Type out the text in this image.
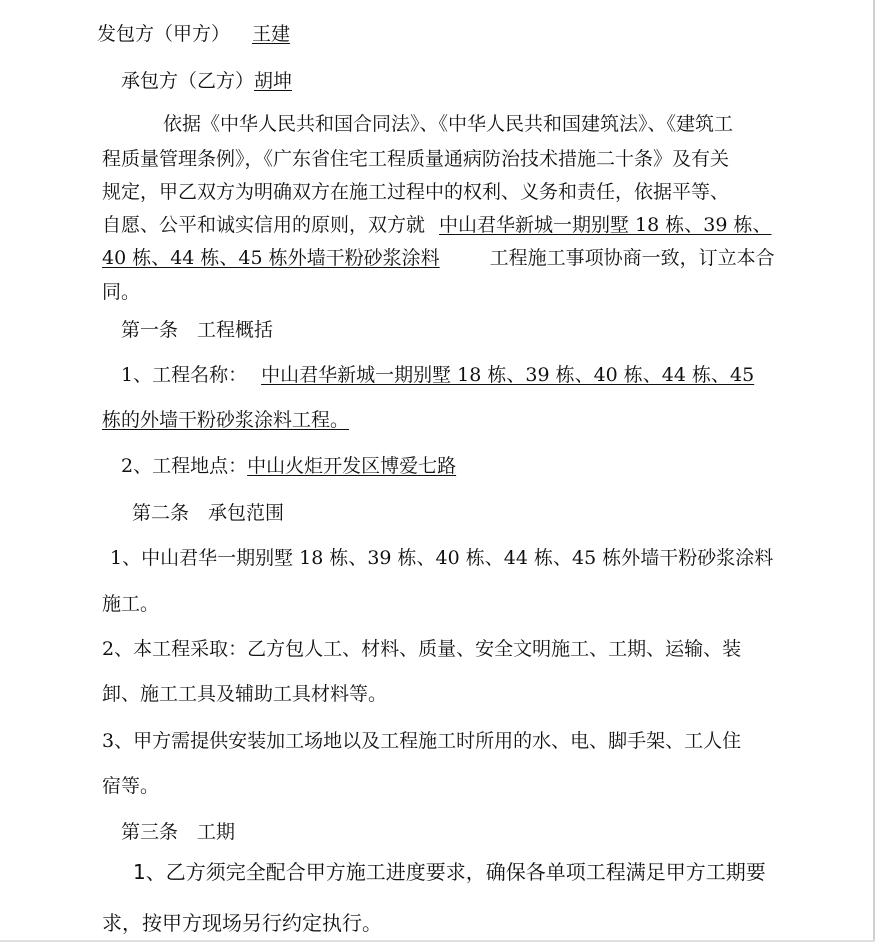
发包方（甲方） 王建
承包方（乙方）胡坤
依据《中华人民共和国合同法》、《中华人民共和国建筑法》、《建筑工
程质量管理条例》，《广东省住宅工程质量通病防治技术措施二十条》及有关
规定，甲乙双方为明确双方在施工过程中的权利、义务和责任，依据平等、
自愿、公平和诚实信用的原则，双方就 中山君华新城一期别墅 18 栋、39 栋、
40 栋、44 栋、45 栋外墙干粉砂浆涂料	工程施工事项协商一致，订立本合
同。
第一条　工程概括
1、工程名称： 中山君华新城一期别墅 18 栋、39 栋、40 栋、44 栋、45
栋的外墙干粉砂浆涂料工程。
2、工程地点：中山火炬开发区博爱七路
第二条　承包范围
1、中山君华一期别墅 18 栋、39 栋、40 栋、44 栋、45 栋外墙干粉砂浆涂料
施工。
2、本工程采取：乙方包人工、材料、质量、安全文明施工、工期、运输、装
卸、施工工具及辅助工具材料等。
3、甲方需提供安装加工场地以及工程施工时所用的水、电、脚手架、工人住
宿等。
第三条　工期
1、乙方须完全配合甲方施工进度要求，确保各单项工程满足甲方工期要
求，按甲方现场另行约定执行。
